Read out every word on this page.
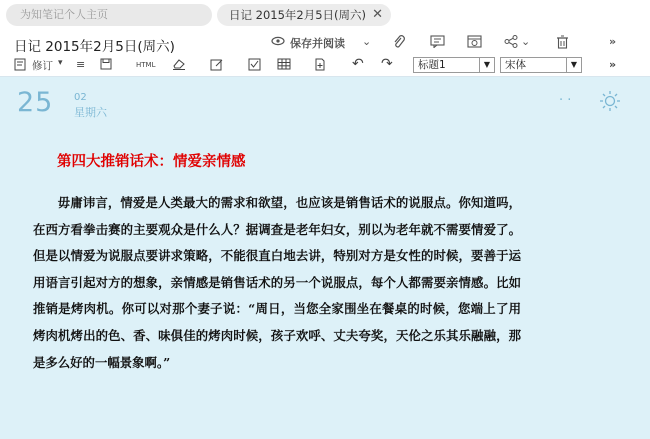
为知笔记个人主页	日记 2015年2月5日(周六) ✕
日记 2015年2月5日(周六)	保存并阅读 ⌄	⌄	»
修订 ▾ ≡	HTML	↶ ↷	标题1	▼	宋体	▼	»
25 02
星期六
· ·
第四大推销话术：情爱亲情感
毋庸讳言，情爱是人类最大的需求和欲望，也应该是销售话术的说服点。你知道吗，在西方看拳击赛的主要观众是什么人？据调查是老年妇女，别以为老年就不需要情爱了。但是以情爱为说服点要讲求策略，不能很直白地去讲，特别对方是女性的时候，要善于运用语言引起对方的想象，亲情感是销售话术的另一个说服点，每个人都需要亲情感。比如推销是烤肉机。你可以对那个妻子说：“周日，当您全家围坐在餐桌的时候，您端上了用烤肉机烤出的色、香、味俱佳的烤肉时候，孩子欢呼、丈夫夸奖，天伦之乐其乐融融，那是多么好的一幅景象啊。”
